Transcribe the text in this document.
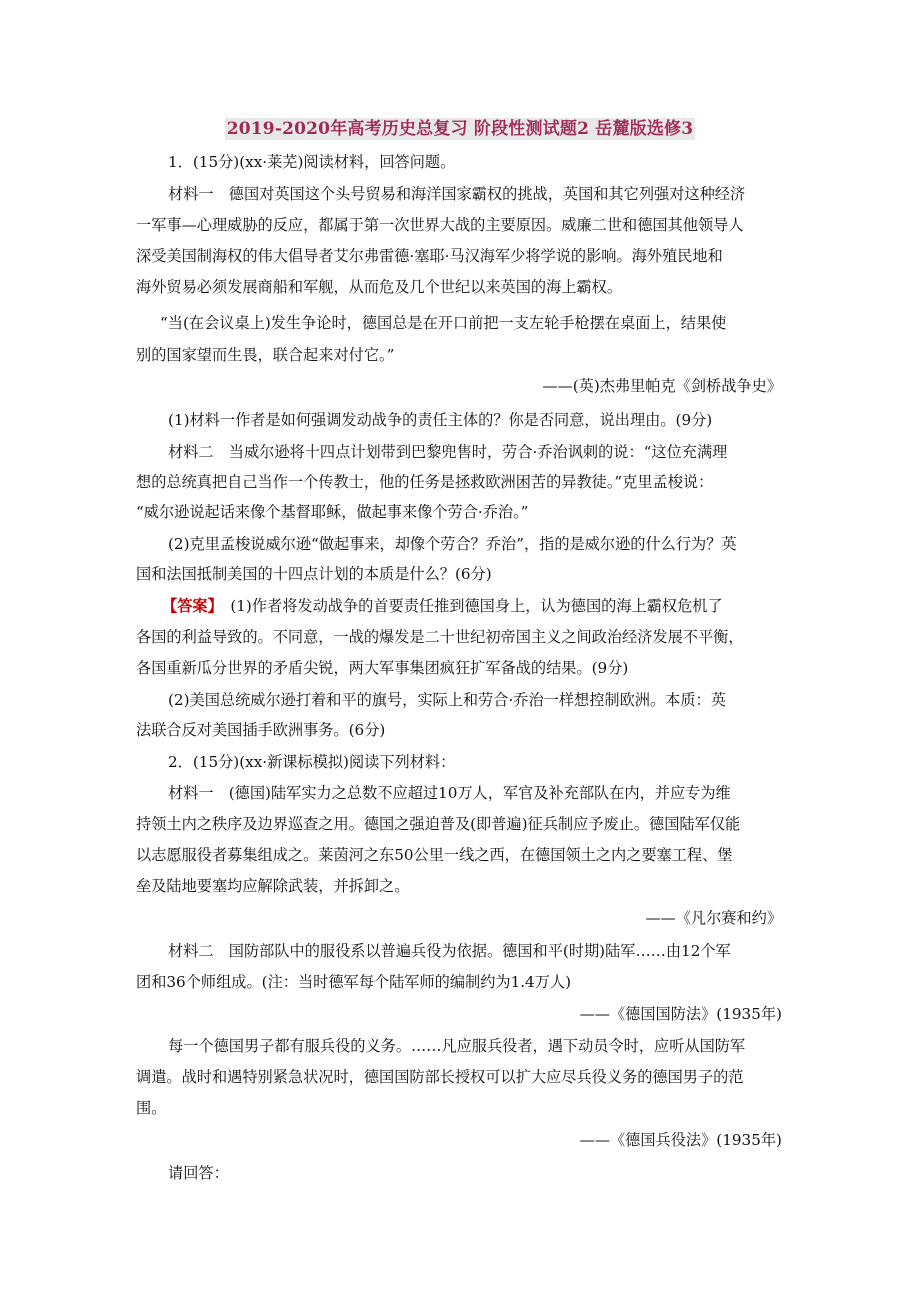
2019-2020年高考历史总复习 阶段性测试题2 岳麓版选修3
1．(15分)(xx·莱芜)阅读材料，回答问题。
材料一　德国对英国这个头号贸易和海洋国家霸权的挑战，英国和其它列强对这种经济
一军事—心理威胁的反应，都属于第一次世界大战的主要原因。威廉二世和德国其他领导人
深受美国制海权的伟大倡导者艾尔弗雷德·塞耶·马汉海军少将学说的影响。海外殖民地和
海外贸易必须发展商船和军舰，从而危及几个世纪以来英国的海上霸权。
“当(在会议桌上)发生争论时，德国总是在开口前把一支左轮手枪摆在桌面上，结果使
别的国家望而生畏，联合起来对付它。”
——(英)杰弗里帕克《剑桥战争史》
(1)材料一作者是如何强调发动战争的责任主体的？你是否同意，说出理由。(9分)
材料二　当威尔逊将十四点计划带到巴黎兜售时，劳合·乔治讽刺的说：“这位充满理
想的总统真把自己当作一个传教士，他的任务是拯救欧洲困苦的异教徒。”克里孟梭说：
“威尔逊说起话来像个基督耶稣，做起事来像个劳合·乔治。”
(2)克里孟梭说威尔逊“做起事来，却像个劳合？乔治”，指的是威尔逊的什么行为？英
国和法国抵制美国的十四点计划的本质是什么？(6分)
【答案】　(1)作者将发动战争的首要责任推到德国身上，认为德国的海上霸权危机了
各国的利益导致的。不同意，一战的爆发是二十世纪初帝国主义之间政治经济发展不平衡，
各国重新瓜分世界的矛盾尖锐，两大军事集团疯狂扩军备战的结果。(9分)
(2)美国总统威尔逊打着和平的旗号，实际上和劳合·乔治一样想控制欧洲。本质：英
法联合反对美国插手欧洲事务。(6分)
2．(15分)(xx·新课标模拟)阅读下列材料：
材料一　(德国)陆军实力之总数不应超过10万人，军官及补充部队在内，并应专为维
持领土内之秩序及边界巡查之用。德国之强迫普及(即普遍)征兵制应予废止。德国陆军仅能
以志愿服役者募集组成之。莱茵河之东50公里一线之西，在德国领土之内之要塞工程、堡
垒及陆地要塞均应解除武装，并拆卸之。
——《凡尔赛和约》
材料二　国防部队中的服役系以普遍兵役为依据。德国和平(时期)陆军……由12个军
团和36个师组成。(注：当时德军每个陆军师的编制约为1.4万人)
——《德国国防法》(1935年)
每一个德国男子都有服兵役的义务。……凡应服兵役者，遇下动员令时，应听从国防军
调遣。战时和遇特别紧急状况时，德国国防部长授权可以扩大应尽兵役义务的德国男子的范
围。
——《德国兵役法》(1935年)
请回答：
